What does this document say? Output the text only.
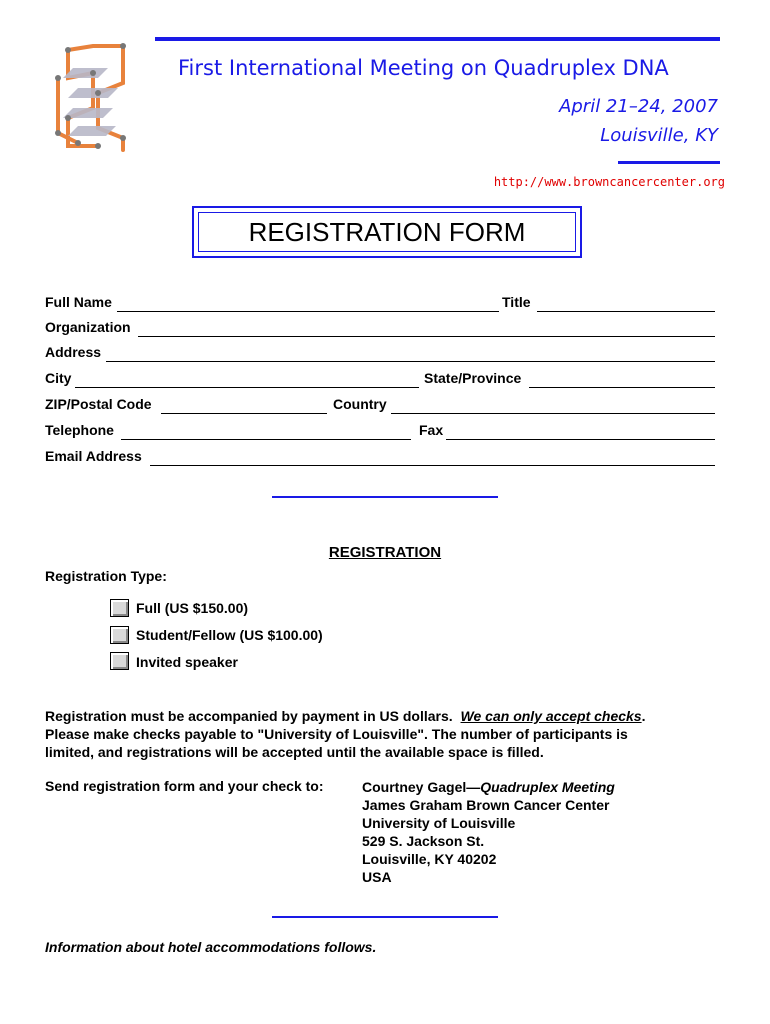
First International Meeting on Quadruplex DNA
April 21–24, 2007
Louisville, KY
http://www.browncancercenter.org
REGISTRATION FORM
Full Name	Title
Organization
Address
City	State/Province
ZIP/Postal Code	Country
Telephone	Fax
Email Address
REGISTRATION
Registration Type:
Full (US $150.00)
Student/Fellow (US $100.00)
Invited speaker
Registration must be accompanied by payment in US dollars. We can only accept checks.
Please make checks payable to "University of Louisville". The number of participants is
limited, and registrations will be accepted until the available space is filled.
Send registration form and your check to:	Courtney Gagel—Quadruplex Meeting
James Graham Brown Cancer Center
University of Louisville
529 S. Jackson St.
Louisville, KY 40202
USA
Information about hotel accommodations follows.
